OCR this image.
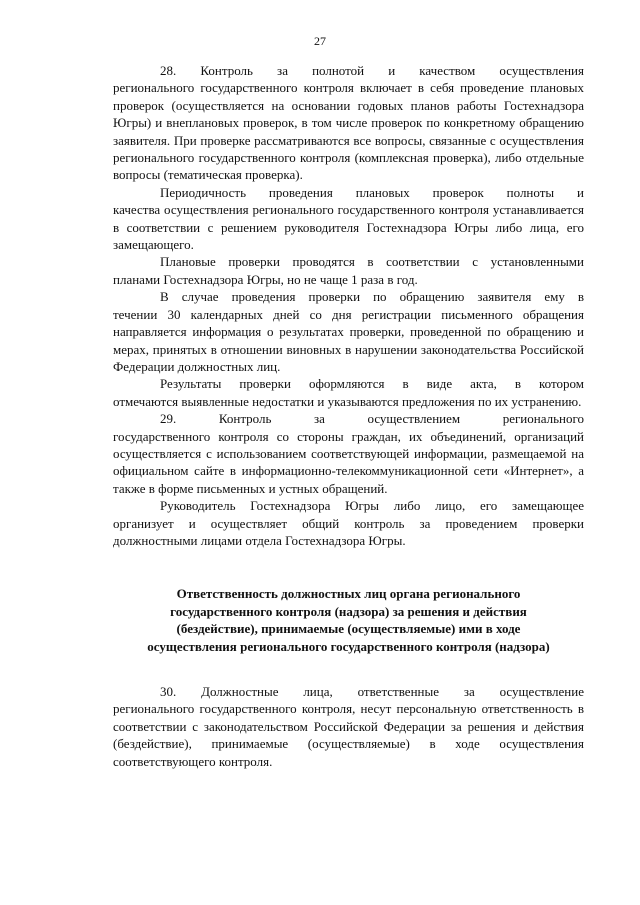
27

28. Контроль за полнотой и качеством осуществления

регионального государственного контроля включает в себя проведение плановых проверок (осуществляется на основании годовых планов работы Гостехнадзора Югры) и внеплановых проверок, в том числе проверок по конкретному обращению заявителя. При проверке рассматриваются все вопросы, связанные с осуществления регионального государственного контроля (комплексная проверка), либо отдельные вопросы (тематическая проверка).

Периодичность проведения плановых проверок полноты и

качества осуществления регионального государственного контроля устанавливается в соответствии с решением руководителя Гостехнадзора Югры либо лица, его замещающего.

Плановые проверки проводятся в соответствии с установленными

планами Гостехнадзора Югры, но не чаще 1 раза в год.

В случае проведения проверки по обращению заявителя ему в

течении 30 календарных дней со дня регистрации письменного обращения направляется информация о результатах проверки, проведенной по обращению и мерах, принятых в отношении виновных в нарушении законодательства Российской Федерации должностных лиц.

Результаты проверки оформляются в виде акта, в котором

отмечаются выявленные недостатки и указываются предложения по их устранению.

29. Контроль за осуществлением регионального

государственного контроля со стороны граждан, их объединений, организаций осуществляется с использованием соответствующей информации, размещаемой на официальном сайте в информационно-телекоммуникационной сети «Интернет», а также в форме письменных и устных обращений.

Руководитель Гостехнадзора Югры либо лицо, его замещающее

организует и осуществляет общий контроль за проведением проверки должностными лицами отдела Гостехнадзора Югры.

Ответственность должностных лиц органа регионального
государственного контроля (надзора) за решения и действия
(бездействие), принимаемые (осуществляемые) ими в ходе
осуществления регионального государственного контроля (надзора)

30. Должностные лица, ответственные за осуществление

регионального государственного контроля, несут персональную ответственность в соответствии с законодательством Российской Федерации за решения и действия (бездействие), принимаемые (осуществляемые) в ходе осуществления соответствующего контроля.
